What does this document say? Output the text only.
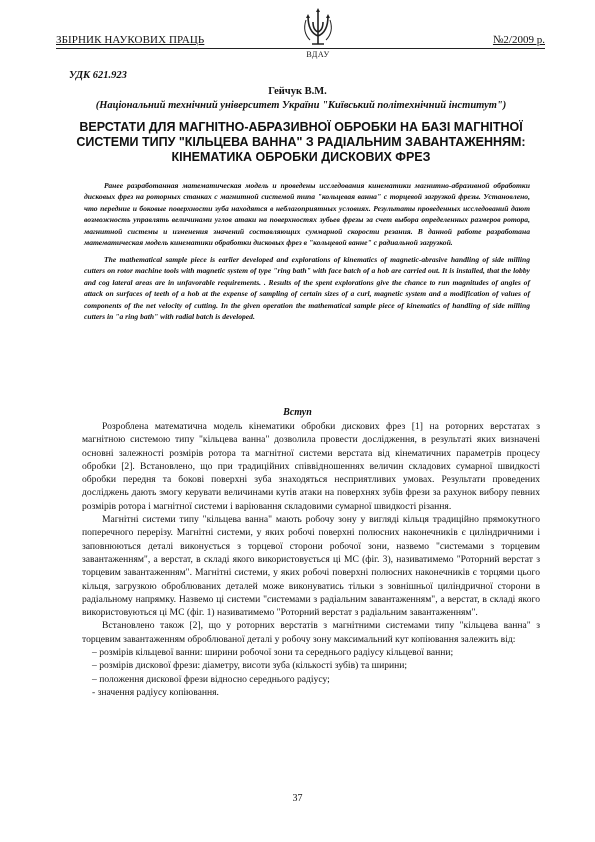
ЗБІРНИК НАУКОВИХ ПРАЦЬ
ВДАУ
№2/2009 р.
УДК 621.923
Гейчук В.М.
(Національний технічний університет України "Київський політехнічний інститут")
ВЕРСТАТИ ДЛЯ МАГНІТНО-АБРАЗИВНОЇ ОБРОБКИ НА БАЗІ МАГНІТНОЇ СИСТЕМИ ТИПУ "КІЛЬЦЕВА ВАННА" З РАДІАЛЬНИМ ЗАВАНТАЖЕННЯМ: КІНЕМАТИКА ОБРОБКИ ДИСКОВИХ ФРЕЗ
Ранее разработанная математическая модель и проведены исследования кинематики магнитно-абразивной обработки дисковых фрез на роторных станках с магнитной системой типа "кольцевая ванна" с торцевой загрузкой фрезы. Установлено, что передние и боковые поверхности зуба находятся в неблагоприятных условиях. Результаты проведенных исследований дают возможность управлять величинами углов атаки на поверхностях зубьев фрезы за счет выбора определенных размеров ротора, магнитной системы и изменения значений составляющих суммарной скорости резания. В данной работе разработана математическая модель кинематики обработки дисковых фрез в "кольцевой ванне" с радиальной загрузкой.
The mathematical sample piece is earlier developed and explorations of kinematics of magnetic-abrasive handling of side milling cutters on rotor machine tools with magnetic system of type "ring bath" with face batch of a hob are carried out. It is installed, that the lobby and cog lateral areas are in unfavorable requirements. . Results of the spent explorations give the chance to run magnitudes of angles of attack on surfaces of teeth of a hob at the expense of sampling of certain sizes of a curl, magnetic system and a modification of values of components of the net velocity of cutting. In the given operation the mathematical sample piece of kinematics of handling of side milling cutters in "a ring bath" with radial batch is developed.
Вступ

Розроблена математична модель кінематики обробки дискових фрез [1] на роторних верстатах з магнітною системою типу "кільцева ванна" дозволила провести дослідження, в результаті яких визначені основні залежності розмірів ротора та магнітної системи верстата від кінематичних параметрів процесу обробки [2]. Встановлено, що при традиційних співвідношеннях величин складових сумарної швидкості обробки передня та бокові поверхні зуба знаходяться несприятливих умовах. Результати проведених досліджень дають змогу керувати величинами кутів атаки на поверхнях зубів фрези за рахунок вибору певних розмірів ротора і магнітної системи і варіювання складовими сумарної швидкості різання.

Магнітні системи типу "кільцева ванна" мають робочу зону у вигляді кільця традиційно прямокутного поперечного перерізу. Магнітні системи, у яких робочі поверхні полюсних наконечників є циліндричними і заповнюються деталі виконується з торцевої сторони робочої зони, назвемо "системами з торцевим завантаженням", а верстат, в складі якого використовується ці МС (фіг. 3), називатимемо "Роторний верстат з торцевим завантаженням". Магнітні системи, у яких робочі поверхні полюсних наконечників є торцями цього кільця, загрузкою оброблюваних деталей може виконуватись тільки з зовнішньої циліндричної сторони в радіальному напрямку. Назвемо ці системи "системами з радіальним завантаженням", а верстат, в складі якого використовуються ці МС (фіг. 1) називатимемо "Роторний верстат з радіальним завантаженням".

Встановлено також [2], що у роторних верстатів з магнітними системами типу "кільцева ванна" з торцевим завантаженням оброблюваної деталі у робочу зону максимальний кут копіювання залежить від:

– розмірів кільцевої ванни: ширини робочої зони та середнього радіусу кільцевої ванни;

– розмірів дискової фрези: діаметру, висоти зуба (кількості зубів) та ширини;

– положення дискової фрези відносно середнього радіусу;

- значення радіусу копіювання.

37
